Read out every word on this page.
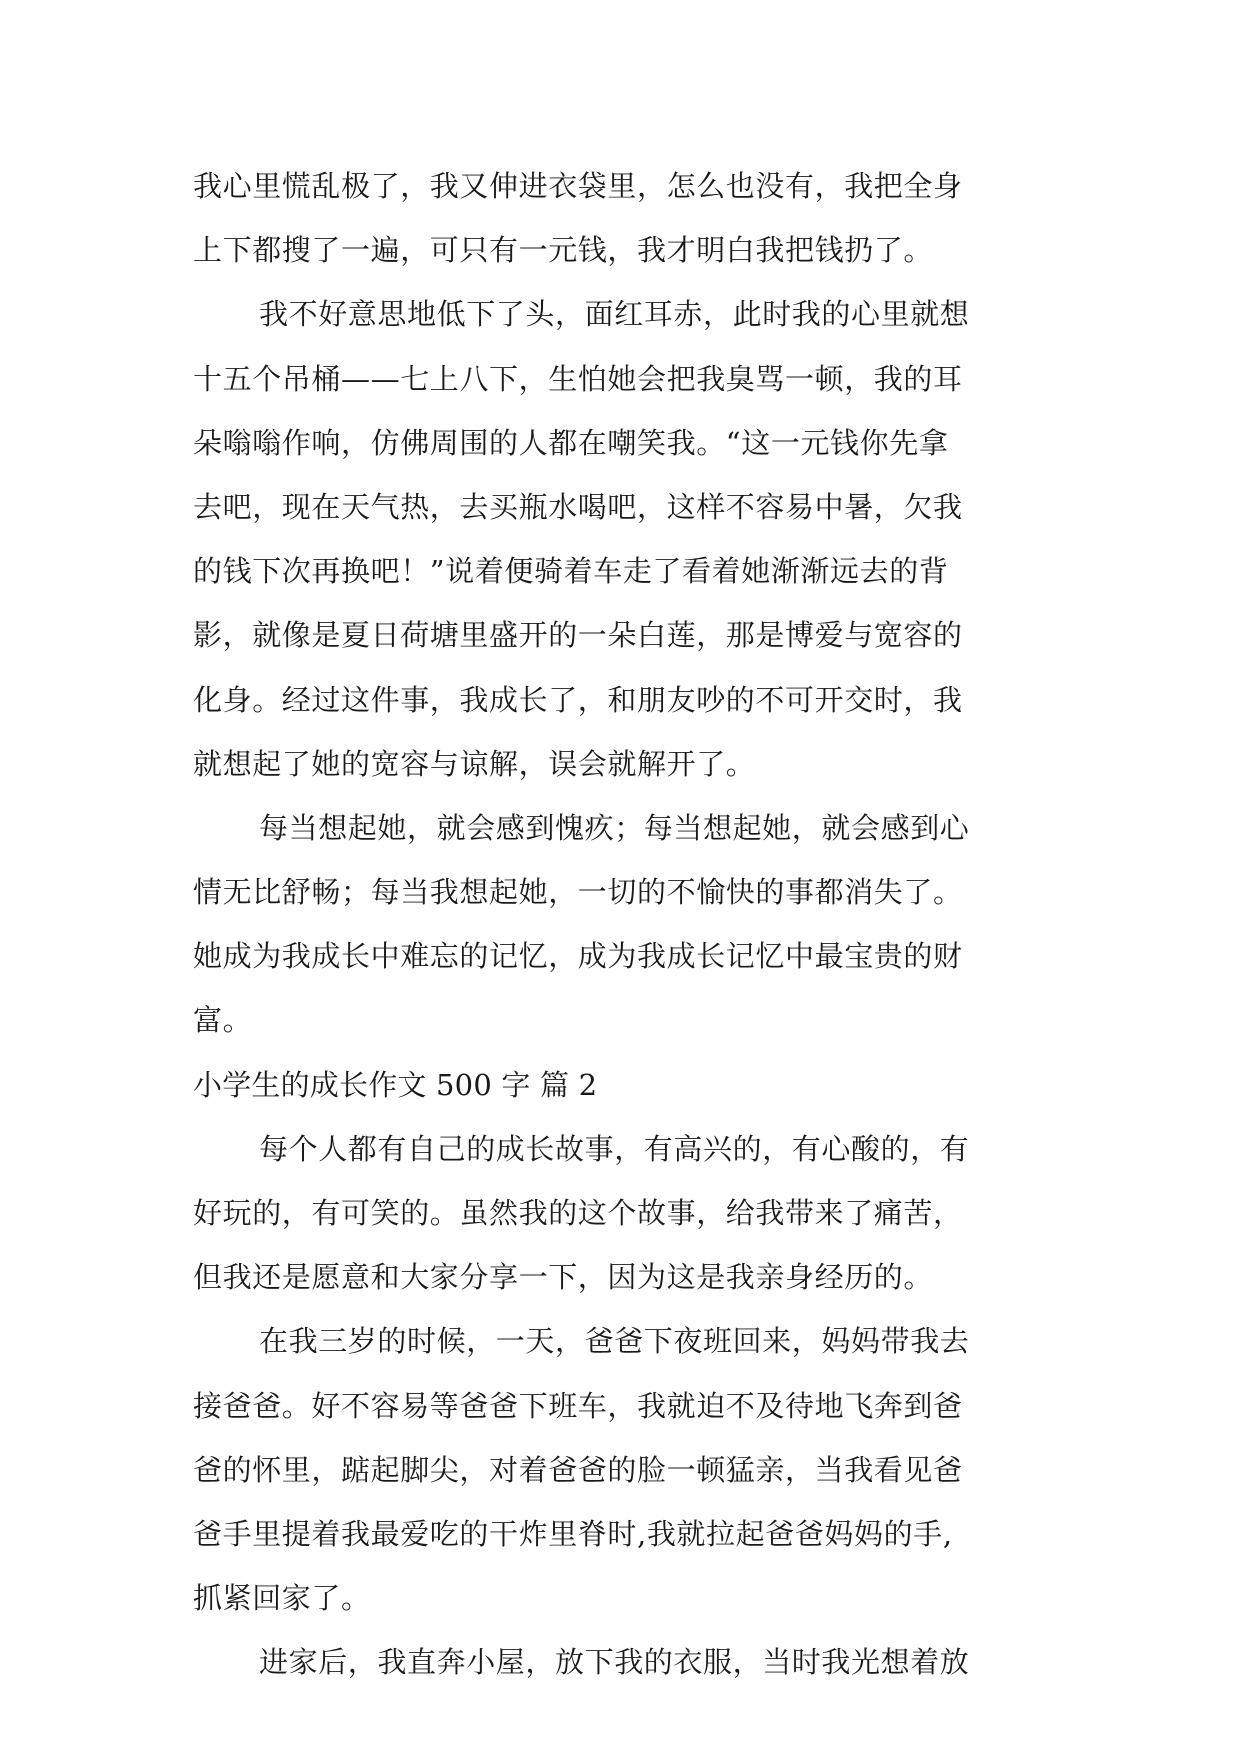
我心里慌乱极了，我又伸进衣袋里，怎么也没有，我把全身
上下都搜了一遍，可只有一元钱，我才明白我把钱扔了。
我不好意思地低下了头，面红耳赤，此时我的心里就想
十五个吊桶——七上八下，生怕她会把我臭骂一顿，我的耳
朵嗡嗡作响，仿佛周围的人都在嘲笑我。“这一元钱你先拿
去吧，现在天气热，去买瓶水喝吧，这样不容易中暑，欠我
的钱下次再换吧！”说着便骑着车走了看着她渐渐远去的背
影，就像是夏日荷塘里盛开的一朵白莲，那是博爱与宽容的
化身。经过这件事，我成长了，和朋友吵的不可开交时，我
就想起了她的宽容与谅解，误会就解开了。
每当想起她，就会感到愧疚；每当想起她，就会感到心
情无比舒畅；每当我想起她，一切的不愉快的事都消失了。
她成为我成长中难忘的记忆，成为我成长记忆中最宝贵的财
富。
小学生的成长作文 500 字 篇 2
每个人都有自己的成长故事，有高兴的，有心酸的，有
好玩的，有可笑的。虽然我的这个故事，给我带来了痛苦，
但我还是愿意和大家分享一下，因为这是我亲身经历的。
在我三岁的时候，一天，爸爸下夜班回来，妈妈带我去
接爸爸。好不容易等爸爸下班车，我就迫不及待地飞奔到爸
爸的怀里，踮起脚尖，对着爸爸的脸一顿猛亲，当我看见爸
爸手里提着我最爱吃的干炸里脊时,我就拉起爸爸妈妈的手,
抓紧回家了。
进家后，我直奔小屋，放下我的衣服，当时我光想着放
